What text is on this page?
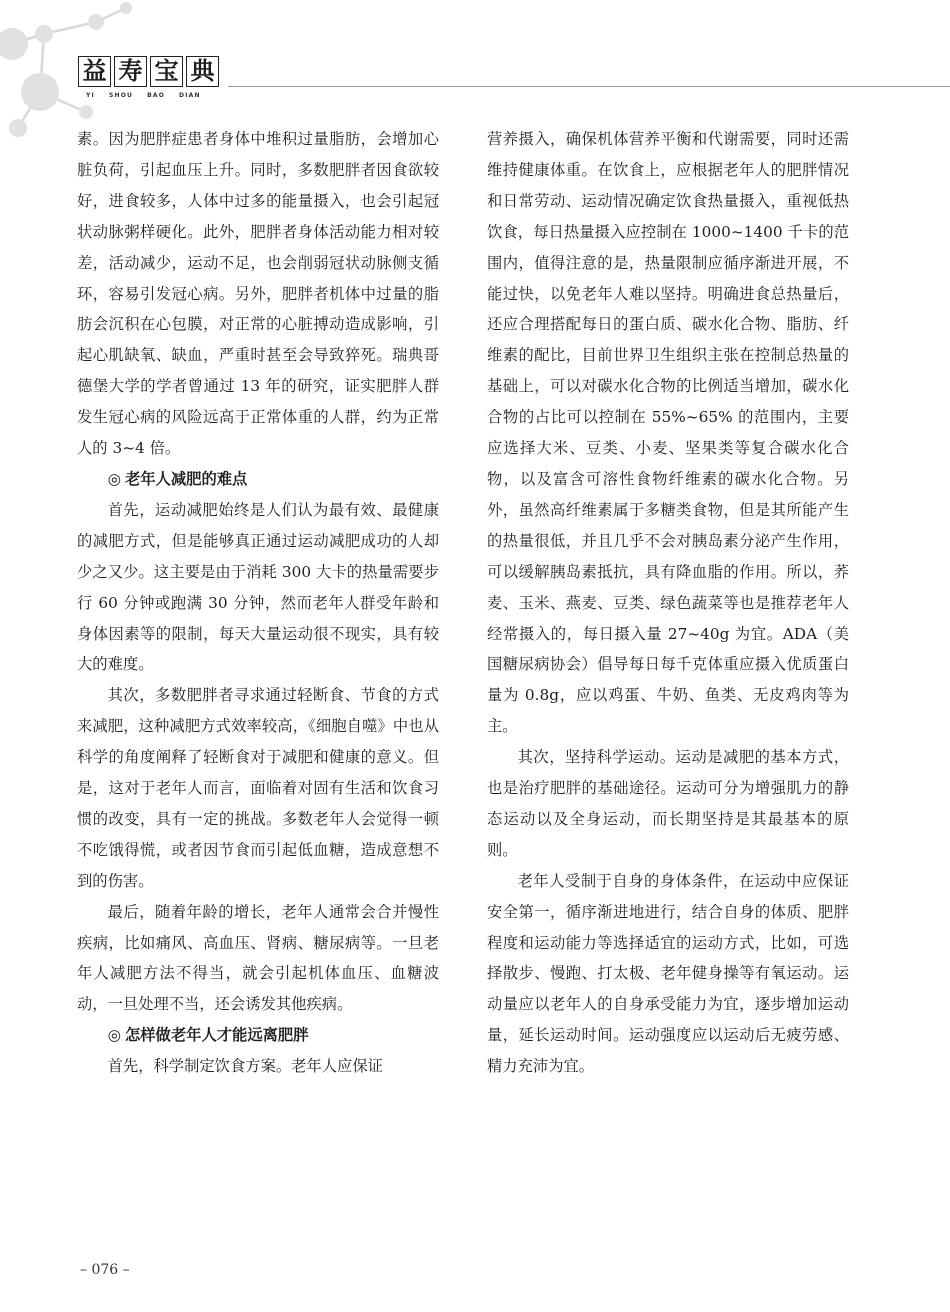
益 寿 宝 典
YI SHOU BAO DIAN

素。因为肥胖症患者身体中堆积过量脂肪，会增加心脏负荷，引起血压上升。同时，多数肥胖者因食欲较好，进食较多，人体中过多的能量摄入，也会引起冠状动脉粥样硬化。此外，肥胖者身体活动能力相对较差，活动减少，运动不足，也会削弱冠状动脉侧支循环，容易引发冠心病。另外，肥胖者机体中过量的脂肪会沉积在心包膜，对正常的心脏搏动造成影响，引起心肌缺氧、缺血，严重时甚至会导致猝死。瑞典哥德堡大学的学者曾通过 13 年的研究，证实肥胖人群发生冠心病的风险远高于正常体重的人群，约为正常人的 3~4 倍。

◎ 老年人减肥的难点

首先，运动减肥始终是人们认为最有效、最健康的减肥方式，但是能够真正通过运动减肥成功的人却少之又少。这主要是由于消耗 300 大卡的热量需要步行 60 分钟或跑满 30 分钟，然而老年人群受年龄和身体因素等的限制，每天大量运动很不现实，具有较大的难度。

其次，多数肥胖者寻求通过轻断食、节食的方式来减肥，这种减肥方式效率较高，《细胞自噬》中也从科学的角度阐释了轻断食对于减肥和健康的意义。但是，这对于老年人而言，面临着对固有生活和饮食习惯的改变，具有一定的挑战。多数老年人会觉得一顿不吃饿得慌，或者因节食而引起低血糖，造成意想不到的伤害。

最后，随着年龄的增长，老年人通常会合并慢性疾病，比如痛风、高血压、肾病、糖尿病等。一旦老年人减肥方法不得当，就会引起机体血压、血糖波动，一旦处理不当，还会诱发其他疾病。

◎ 怎样做老年人才能远离肥胖

首先，科学制定饮食方案。老年人应保证

营养摄入，确保机体营养平衡和代谢需要，同时还需维持健康体重。在饮食上，应根据老年人的肥胖情况和日常劳动、运动情况确定饮食热量摄入，重视低热饮食，每日热量摄入应控制在 1000~1400 千卡的范围内，值得注意的是，热量限制应循序渐进开展，不能过快，以免老年人难以坚持。明确进食总热量后，还应合理搭配每日的蛋白质、碳水化合物、脂肪、纤维素的配比，目前世界卫生组织主张在控制总热量的基础上，可以对碳水化合物的比例适当增加，碳水化合物的占比可以控制在 55%~65% 的范围内，主要应选择大米、豆类、小麦、坚果类等复合碳水化合物，以及富含可溶性食物纤维素的碳水化合物。另外，虽然高纤维素属于多糖类食物，但是其所能产生的热量很低，并且几乎不会对胰岛素分泌产生作用，可以缓解胰岛素抵抗，具有降血脂的作用。所以，荞麦、玉米、燕麦、豆类、绿色蔬菜等也是推荐老年人经常摄入的，每日摄入量 27~40g 为宜。ADA（美国糖尿病协会）倡导每日每千克体重应摄入优质蛋白量为 0.8g，应以鸡蛋、牛奶、鱼类、无皮鸡肉等为主。

其次，坚持科学运动。运动是减肥的基本方式，也是治疗肥胖的基础途径。运动可分为增强肌力的静态运动以及全身运动，而长期坚持是其最基本的原则。

老年人受制于自身的身体条件，在运动中应保证安全第一，循序渐进地进行，结合自身的体质、肥胖程度和运动能力等选择适宜的运动方式，比如，可选择散步、慢跑、打太极、老年健身操等有氧运动。运动量应以老年人的自身承受能力为宜，逐步增加运动量，延长运动时间。运动强度应以运动后无疲劳感、精力充沛为宜。

– 076 –
